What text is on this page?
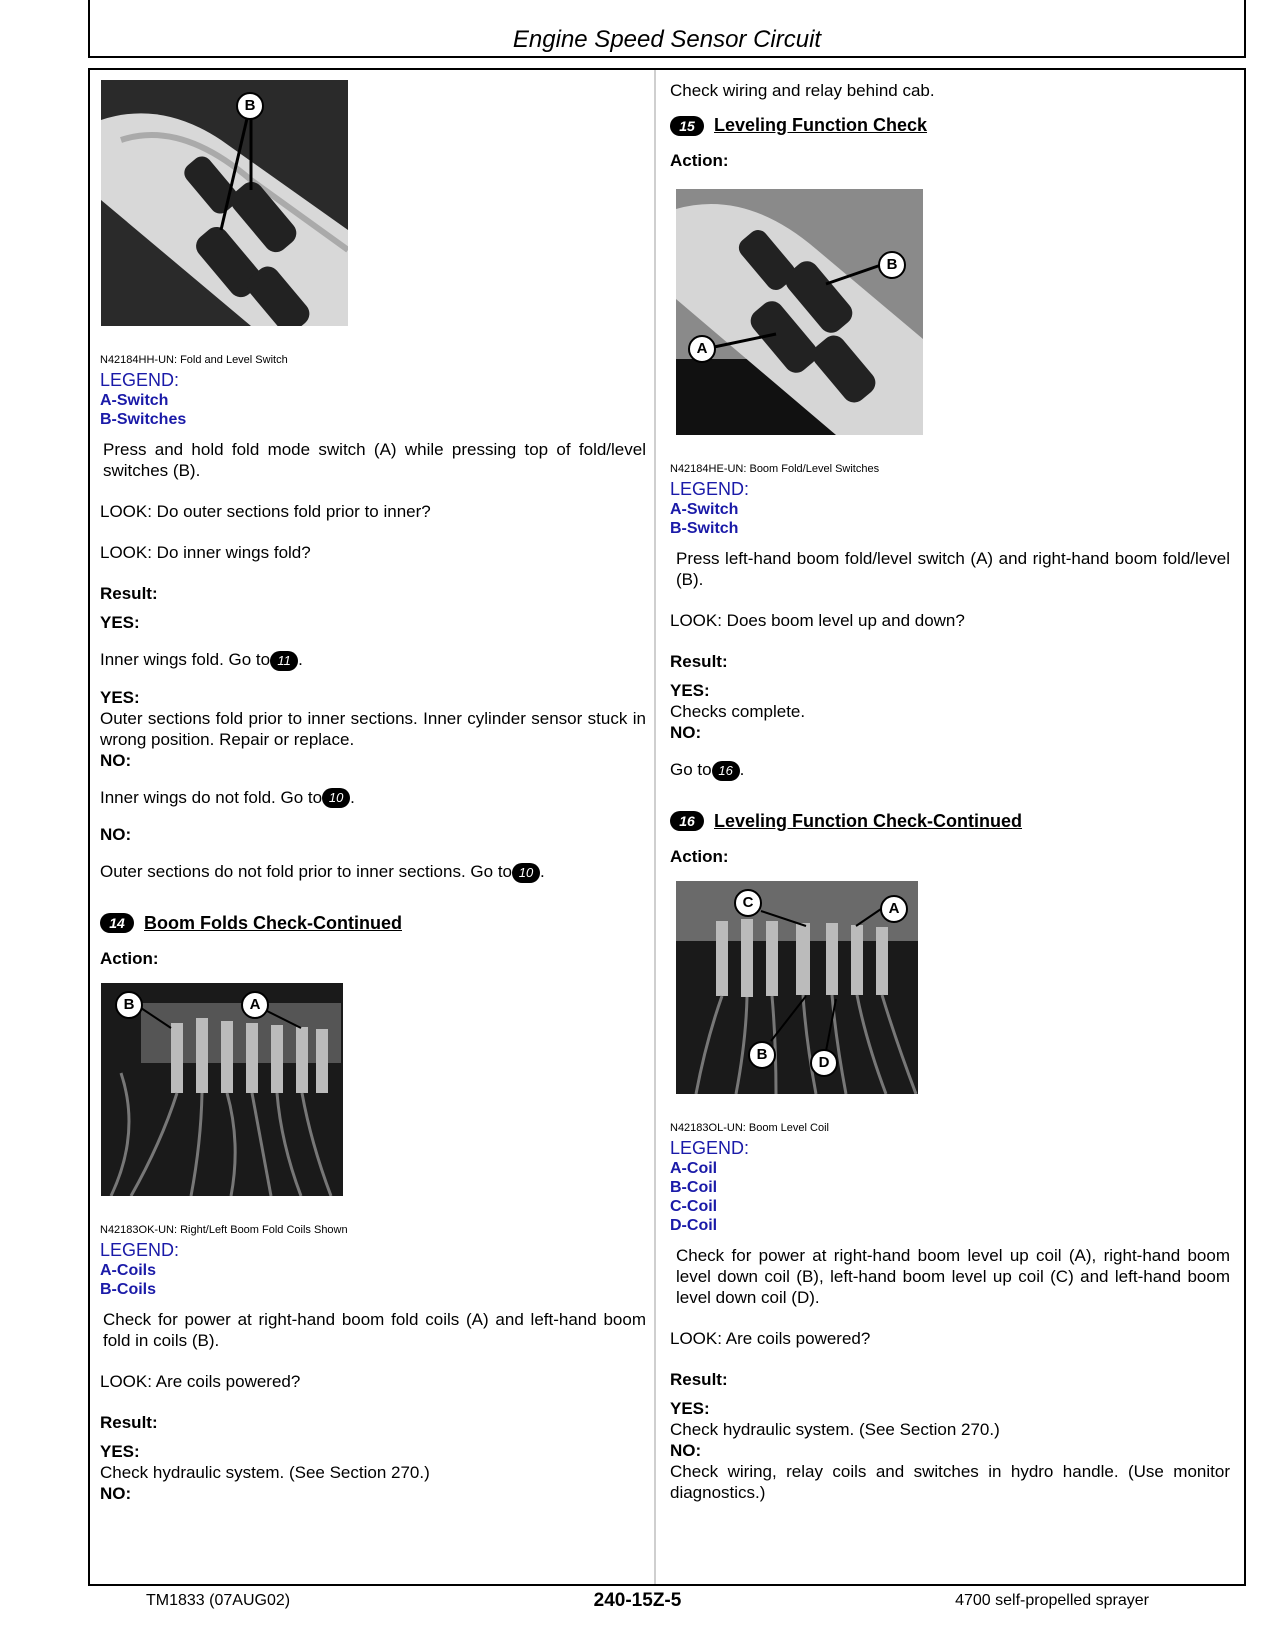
Engine Speed Sensor Circuit
B
N42184HH-UN: Fold and Level Switch
LEGEND:
A-Switch
B-Switches

Press and hold fold mode switch (A) while pressing top of fold/level switches (B).

LOOK: Do outer sections fold prior to inner?

LOOK: Do inner wings fold?

Result:

YES:

Inner wings fold. Go to 11 .

YES:

Outer sections fold prior to inner sections. Inner cylinder sensor stuck in wrong position. Repair or replace.

NO:

Inner wings do not fold. Go to 10 .

NO:

Outer sections do not fold prior to inner sections. Go to 10 .

14	Boom Folds Check-Continued

Action:

B	A
N42183OK-UN: Right/Left Boom Fold Coils Shown
LEGEND:
A-Coils
B-Coils

Check for power at right-hand boom fold coils (A) and left-hand boom fold in coils (B).

LOOK: Are coils powered?

Result:

YES:

Check hydraulic system. (See Section 270.)

NO:

Check wiring and relay behind cab.

15	Leveling Function Check

Action:

B
A
N42184HE-UN: Boom Fold/Level Switches
LEGEND:
A-Switch
B-Switch

Press left-hand boom fold/level switch (A) and right-hand boom fold/level (B).

LOOK: Does boom level up and down?

Result:

YES:

Checks complete.

NO:

Go to 16 .

16	Leveling Function Check-Continued

Action:

C	A
B	D
N42183OL-UN: Boom Level Coil
LEGEND:
A-Coil
B-Coil
C-Coil
D-Coil

Check for power at right-hand boom level up coil (A), right-hand boom level down coil (B), left-hand boom level up coil (C) and left-hand boom level down coil (D).

LOOK: Are coils powered?

Result:

YES:

Check hydraulic system. (See Section 270.)

NO:

Check wiring, relay coils and switches in hydro handle. (Use monitor diagnostics.)

TM1833 (07AUG02)	240-15Z-5	4700 self-propelled sprayer
